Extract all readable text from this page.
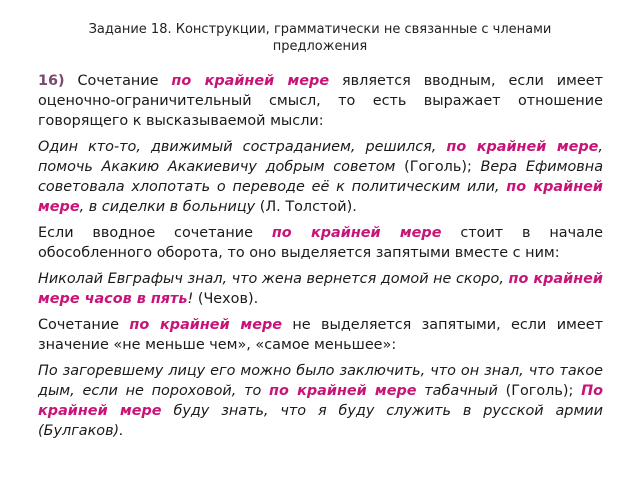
Задание 18. Конструкции, грамматически не связанные с членами предложения

16) Сочетание по крайней мере является вводным, если имеет оценочно-ограничительный смысл, то есть выражает отношение говорящего к высказываемой мысли:

Один кто-то, движимый состраданием, решился, по крайней мере, помочь Акакию Акакиевичу добрым советом (Гоголь); Вера Ефимовна советовала хлопотать о переводе её к политическим или, по крайней мере, в сиделки в больницу (Л. Толстой).

Если вводное сочетание по крайней мере стоит в начале обособленного оборота, то оно выделяется запятыми вместе с ним:

Николай Евграфыч знал, что жена вернется домой не скоро, по крайней мере часов в пять! (Чехов).

Сочетание по крайней мере не выделяется запятыми, если имеет значение «не меньше чем», «самое меньшее»:

По загоревшему лицу его можно было заключить, что он знал, что такое дым, если не пороховой, то по крайней мере табачный (Гоголь); По крайней мере буду знать, что я буду служить в русской армии (Булгаков).
